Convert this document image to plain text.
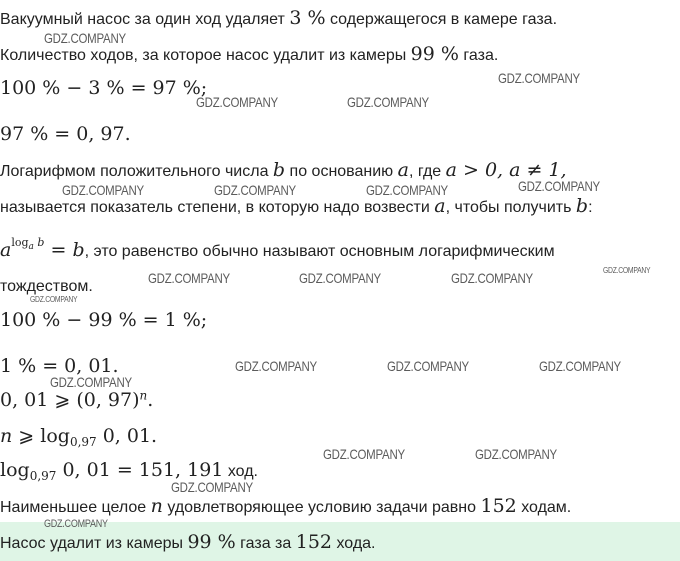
Вакуумный насос за один ход удаляет 3 % содержащегося в камере газа.
Количество ходов, за которое насос удалит из камеры 99 % газа.
100 % − 3 % = 97 %;
97 % = 0, 97.
Логарифмом положительного числа b по основанию a, где a > 0, a ≠ 1,
называется показатель степени, в которую надо возвести a, чтобы получить b:
$a^{log_a b} = b$, это равенство обычно называют основным логарифмическим
тождеством.
100 % − 99 % = 1 %;
1 % = 0, 01.
0, 01 ⩾ (0, 97)$^n$.
n ⩾ $\log_{0,97} 0$, 01.
$\log_{0,97} 0$, 01 = 151, 191 ход.
Наименьшее целое n удовлетворяющее условию задачи равно 152 ходам.
Насос удалит из камеры 99 % газа за 152 хода.
GDZ.COMPANY
GDZ.COMPANY
GDZ.COMPANY	GDZ.COMPANY
GDZ.COMPANY	GDZ.COMPANY	GDZ.COMPANY	GDZ.COMPANY
GDZ.COMPANY	GDZ.COMPANY	GDZ.COMPANY	GDZ.COMPANY
GDZ.COMPANY
GDZ.COMPANY	GDZ.COMPANY	GDZ.COMPANY
GDZ.COMPANY
GDZ.COMPANY	GDZ.COMPANY
GDZ.COMPANY
GDZ.COMPANY
